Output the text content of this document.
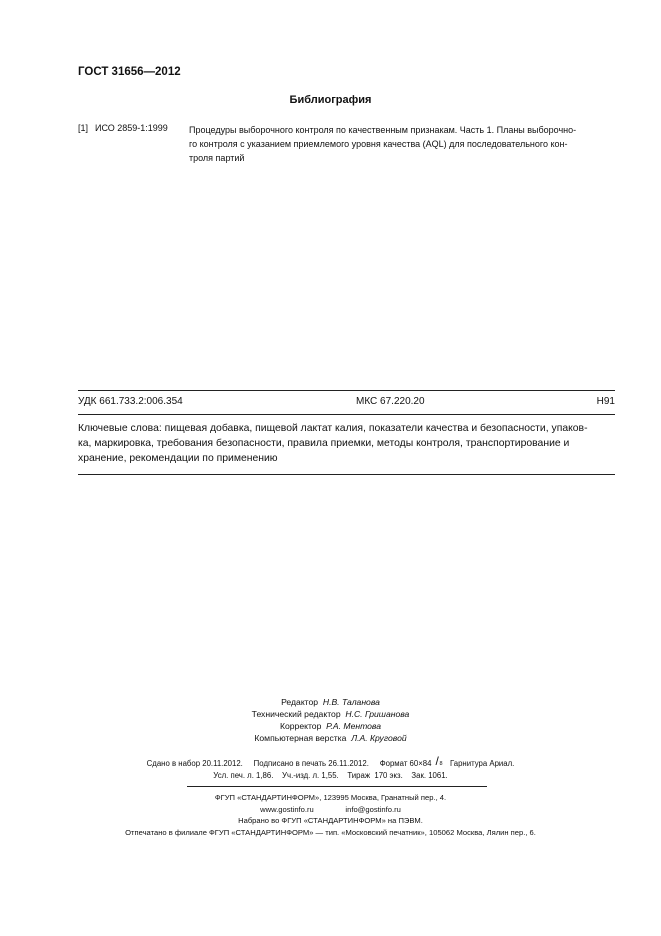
ГОСТ 31656—2012
Библиография
[1] ИСО 2859-1:1999 Процедуры выборочного контроля по качественным признакам. Часть 1. Планы выборочно-
го контроля с указанием приемлемого уровня качества (AQL) для последовательного кон-
троля партий
УДК 661.733.2:006.354	МКС 67.220.20	Н91
Ключевые слова: пищевая добавка, пищевой лактат калия, показатели качества и безопасности, упаков-
ка, маркировка, требования безопасности, правила приемки, методы контроля, транспортирование и
хранение, рекомендации по применению
Редактор Н.В. Таланова
Технический редактор Н.С. Гришанова
Корректор Р.А. Ментова
Компьютерная верстка Л.А. Круговой
Сдано в набор 20.11.2012.     Подписано в печать 26.11.2012.     Формат 60×84 / 8 Гарнитура Ариал.
Усл. печ. л. 1,86.    Уч.-изд. л. 1,55.    Тираж  170 экз.    Зак. 1061.
ФГУП «СТАНДАРТИНФОРМ», 123995 Москва, Гранатный пер., 4.
www.gostinfo.ru	info@gostinfo.ru
Набрано во ФГУП «СТАНДАРТИНФОРМ» на ПЭВМ.
Отпечатано в филиале ФГУП «СТАНДАРТИНФОРМ» — тип. «Московский печатник», 105062 Москва, Лялин пер., 6.
